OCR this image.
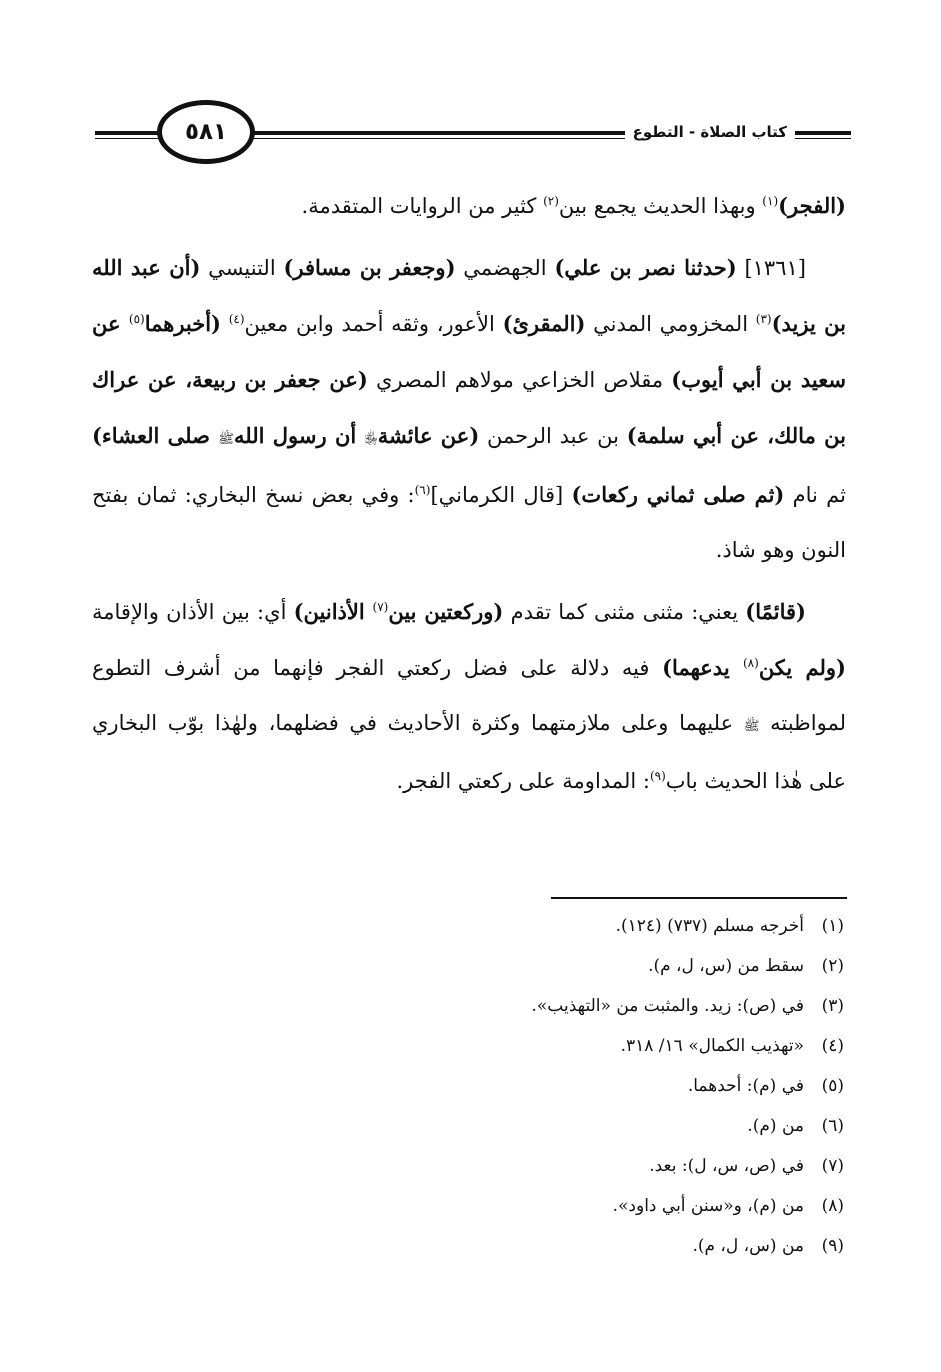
٥٨١	كتاب الصلاة - التطوع

(الفجر)$^{(١)}$ وبهذا الحديث يجمع بين$^{(٢)}$ كثير من الروايات المتقدمة.

[١٣٦١] (حدثنا نصر بن علي) الجهضمي (وجعفر بن مسافر) التنيسي (أن عبد الله بن يزيد)$^{(٣)}$ المخزومي المدني (المقرئ) الأعور، وثقه أحمد وابن معين$^{(٤)}$ (أخبرهما$^{(٥)}$ عن سعيد بن أبي أيوب) مقلاص الخزاعي مولاهم المصري (عن جعفر بن ربيعة، عن عراك بن مالك، عن أبي سلمة) بن عبد الرحمن (عن عائشة﵂ أن رسول اللهﷺ صلى العشاء) ثم نام (ثم صلى ثماني ركعات) [قال الكرماني]$^{(٦)}$: وفي بعض نسخ البخاري: ثمان بفتح النون وهو شاذ.

(قائمًا) يعني: مثنى مثنى كما تقدم (وركعتين بين$^{(٧)}$ الأذانين) أي: بين الأذان والإقامة (ولم يكن$^{(٨)}$ يدعهما) فيه دلالة على فضل ركعتي الفجر فإنهما من أشرف التطوع لمواظبته ﷺ عليهما وعلى ملازمتهما وكثرة الأحاديث في فضلهما، ولهٰذا بوّب البخاري على هٰذا الحديث باب$^{(٩)}$: المداومة على ركعتي الفجر.

(١)أخرجه مسلم (٧٣٧) (١٢٤).
(٢)سقط من (س، ل، م).
(٣)في (ص): زيد. والمثبت من «التهذيب».
(٤)«تهذيب الكمال» ١٦/ ٣١٨.
(٥)في (م): أحدهما.
(٦)من (م).
(٧)في (ص، س، ل): بعد.
(٨)من (م)، و«سنن أبي داود».
(٩)من (س، ل، م).
